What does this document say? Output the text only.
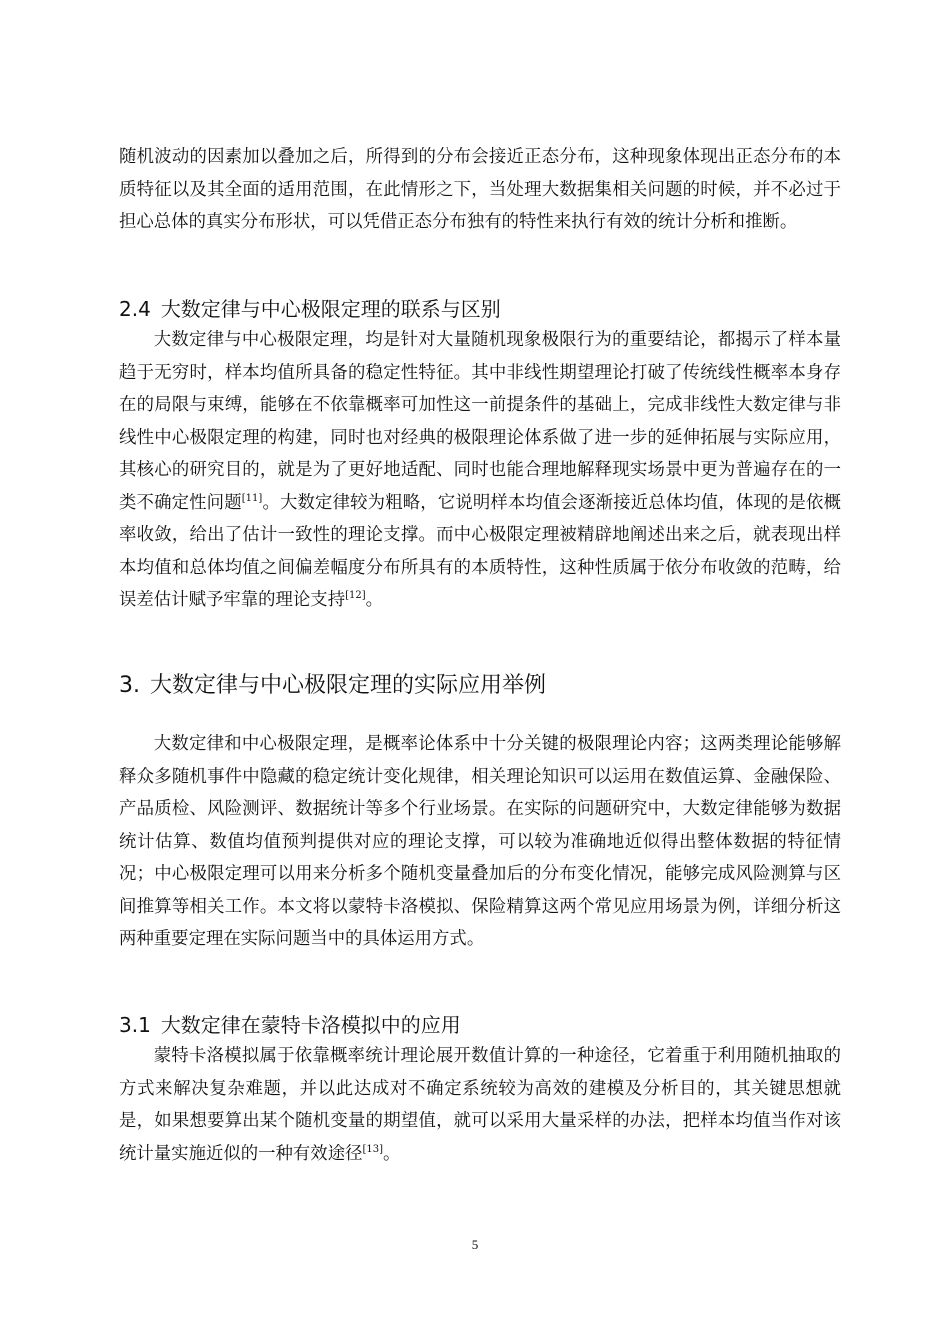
随机波动的因素加以叠加之后，所得到的分布会接近正态分布，这种现象体现出正态分布的本质特征以及其全面的适用范围，在此情形之下，当处理大数据集相关问题的时候，并不必过于担心总体的真实分布形状，可以凭借正态分布独有的特性来执行有效的统计分析和推断。

2.4 大数定律与中心极限定理的联系与区别

大数定律与中心极限定理，均是针对大量随机现象极限行为的重要结论，都揭示了样本量趋于无穷时，样本均值所具备的稳定性特征。其中非线性期望理论打破了传统线性概率本身存在的局限与束缚，能够在不依靠概率可加性这一前提条件的基础上，完成非线性大数定律与非线性中心极限定理的构建，同时也对经典的极限理论体系做了进一步的延伸拓展与实际应用，其核心的研究目的，就是为了更好地适配、同时也能合理地解释现实场景中更为普遍存在的一类不确定性问题[11]。大数定律较为粗略，它说明样本均值会逐渐接近总体均值，体现的是依概率收敛，给出了估计一致性的理论支撑。而中心极限定理被精辟地阐述出来之后，就表现出样本均值和总体均值之间偏差幅度分布所具有的本质特性，这种性质属于依分布收敛的范畴，给误差估计赋予牢靠的理论支持[12]。

3. 大数定律与中心极限定理的实际应用举例

大数定律和中心极限定理，是概率论体系中十分关键的极限理论内容；这两类理论能够解释众多随机事件中隐藏的稳定统计变化规律，相关理论知识可以运用在数值运算、金融保险、产品质检、风险测评、数据统计等多个行业场景。在实际的问题研究中，大数定律能够为数据统计估算、数值均值预判提供对应的理论支撑，可以较为准确地近似得出整体数据的特征情况；中心极限定理可以用来分析多个随机变量叠加后的分布变化情况，能够完成风险测算与区间推算等相关工作。本文将以蒙特卡洛模拟、保险精算这两个常见应用场景为例，详细分析这两种重要定理在实际问题当中的具体运用方式。

3.1 大数定律在蒙特卡洛模拟中的应用

蒙特卡洛模拟属于依靠概率统计理论展开数值计算的一种途径，它着重于利用随机抽取的方式来解决复杂难题，并以此达成对不确定系统较为高效的建模及分析目的，其关键思想就是，如果想要算出某个随机变量的期望值，就可以采用大量采样的办法，把样本均值当作对该统计量实施近似的一种有效途径[13]。

5
